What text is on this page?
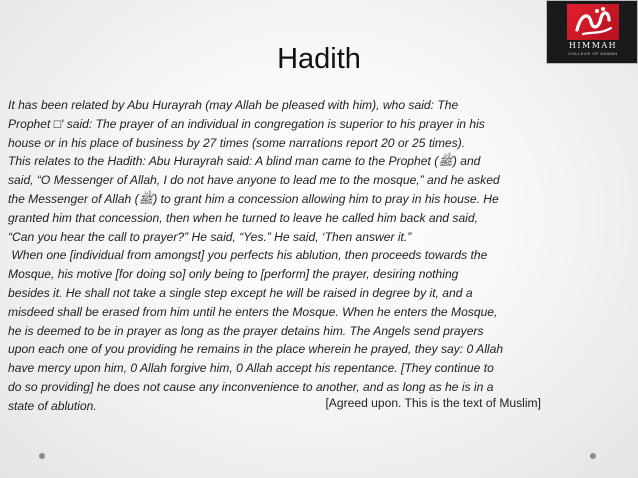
HIMMAH
COLLEGE OF DAWAH
Hadith
It has been related by Abu Hurayrah (may Allah be pleased with him), who said: The
Prophet □' said: The prayer of an individual in congregation is superior to his prayer in his
house or in his place of business by 27 times (some narrations report 20 or 25 times).
This relates to the Hadith: Abu Hurayrah said: A blind man came to the Prophet (ﷺ) and
said, “O Messenger of Allah, I do not have anyone to lead me to the mosque,” and he asked
the Messenger of Allah (ﷺ) to grant him a concession allowing him to pray in his house. He
granted him that concession, then when he turned to leave he called him back and said,
“Can you hear the call to prayer?” He said, “Yes.” He said, ‘Then answer it.”
When one [individual from amongst] you perfects his ablution, then proceeds towards the
Mosque, his motive [for doing so] only being to [perform] the prayer, desiring nothing
besides it. He shall not take a single step except he will be raised in degree by it, and a
misdeed shall be erased from him until he enters the Mosque. When he enters the Mosque,
he is deemed to be in prayer as long as the prayer detains him. The Angels send prayers
upon each one of you providing he remains in the place wherein he prayed, they say: 0 Allah
have mercy upon him, 0 Allah forgive him, 0 Allah accept his repentance. [They continue to
do so providing] he does not cause any inconvenience to another, and as long as he is in a
state of ablution.	[Agreed upon. This is the text of Muslim]
